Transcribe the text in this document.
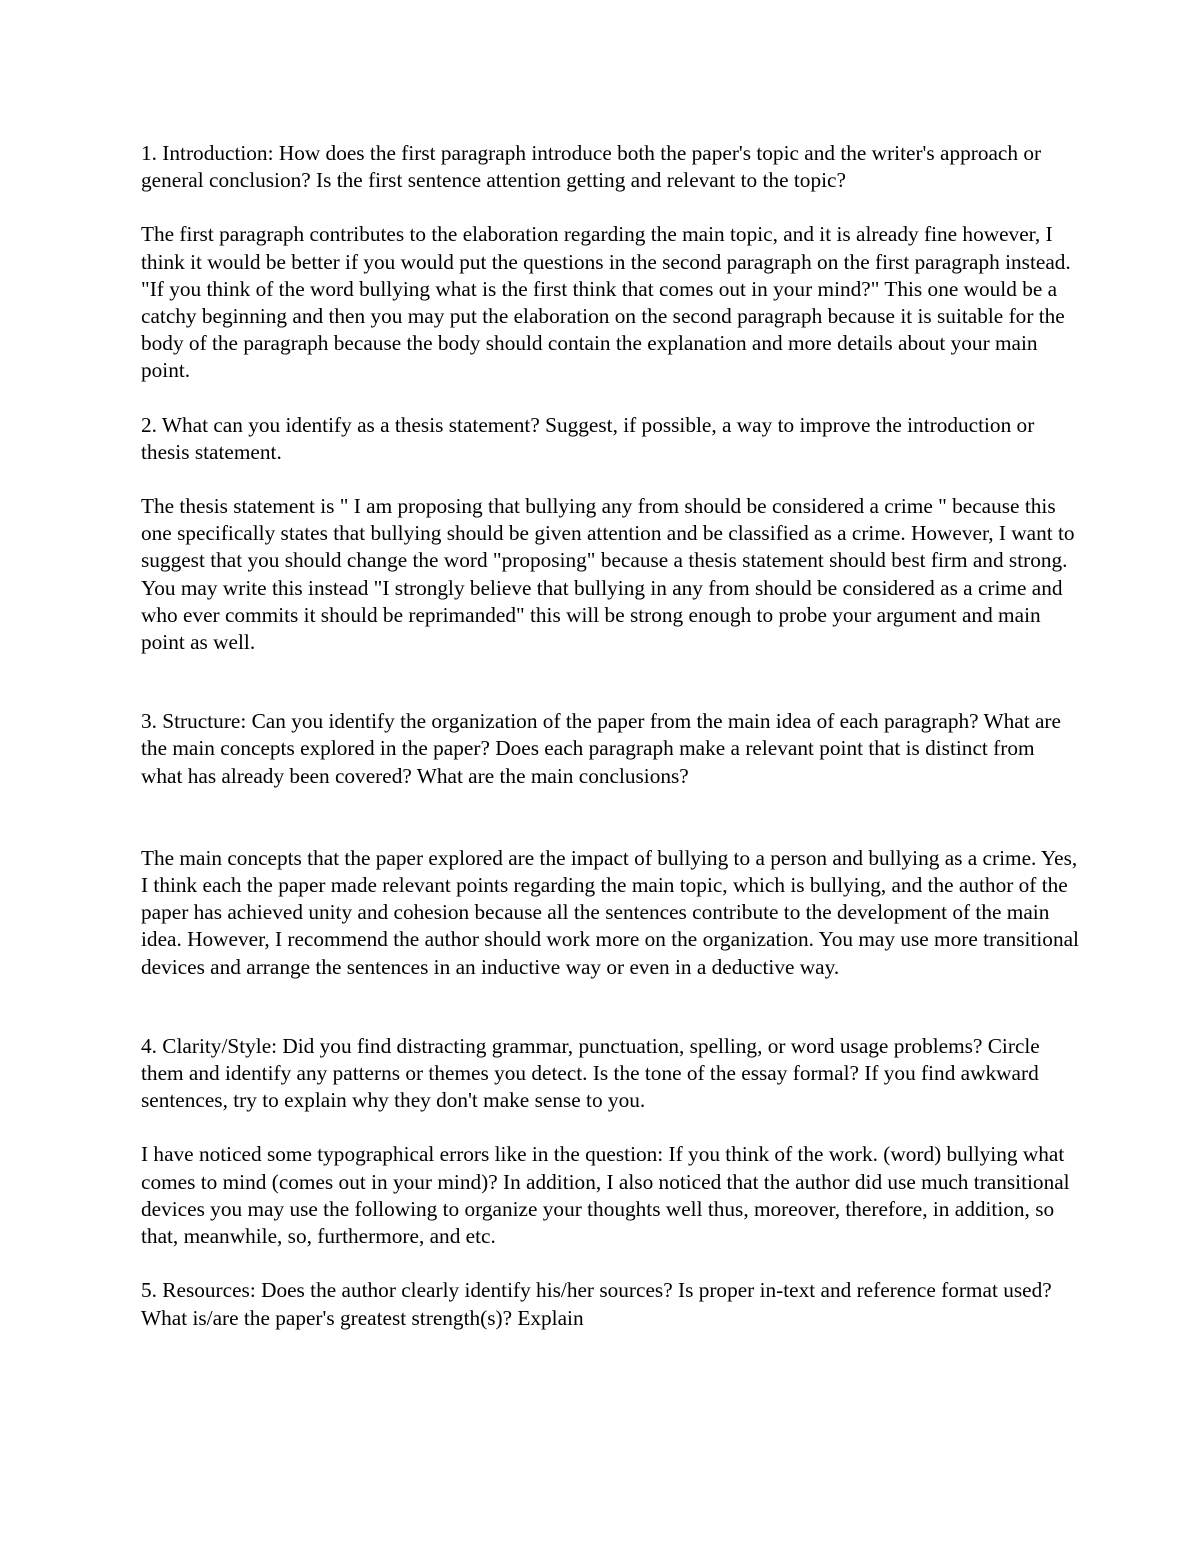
1. Introduction: How does the first paragraph introduce both the paper's topic and the writer's approach or general conclusion? Is the first sentence attention getting and relevant to the topic?

The first paragraph contributes to the elaboration regarding the main topic, and it is already fine however, I think it would be better if you would put the questions in the second paragraph on the first paragraph instead. "If you think of the word bullying what is the first think that comes out in your mind?" This one would be a catchy beginning and then you may put the elaboration on the second paragraph because it is suitable for the body of the paragraph because the body should contain the explanation and more details about your main point.

2. What can you identify as a thesis statement? Suggest, if possible, a way to improve the introduction or thesis statement.

The thesis statement is " I am proposing that bullying any from should be considered a crime " because this one specifically states that bullying should be given attention and be classified as a crime. However, I want to suggest that you should change the word "proposing" because a thesis statement should best firm and strong. You may write this instead "I strongly believe that bullying in any from should be considered as a crime and who ever commits it should be reprimanded" this will be strong enough to probe your argument and main point as well.

3. Structure: Can you identify the organization of the paper from the main idea of each paragraph? What are the main concepts explored in the paper? Does each paragraph make a relevant point that is distinct from what has already been covered? What are the main conclusions?

The main concepts that the paper explored are the impact of bullying to a person and bullying as a crime. Yes, I think each the paper made relevant points regarding the main topic, which is bullying, and the author of the paper has achieved unity and cohesion because all the sentences contribute to the development of the main idea. However, I recommend the author should work more on the organization. You may use more transitional devices and arrange the sentences in an inductive way or even in a deductive way.

4. Clarity/Style: Did you find distracting grammar, punctuation, spelling, or word usage problems? Circle them and identify any patterns or themes you detect. Is the tone of the essay formal? If you find awkward sentences, try to explain why they don't make sense to you.

I have noticed some typographical errors like in the question: If you think of the work. (word) bullying what comes to mind (comes out in your mind)? In addition, I also noticed that the author did use much transitional devices you may use the following to organize your thoughts well thus, moreover, therefore, in addition, so that, meanwhile, so, furthermore, and etc.

5. Resources: Does the author clearly identify his/her sources? Is proper in-text and reference format used? What is/are the paper's greatest strength(s)? Explain
